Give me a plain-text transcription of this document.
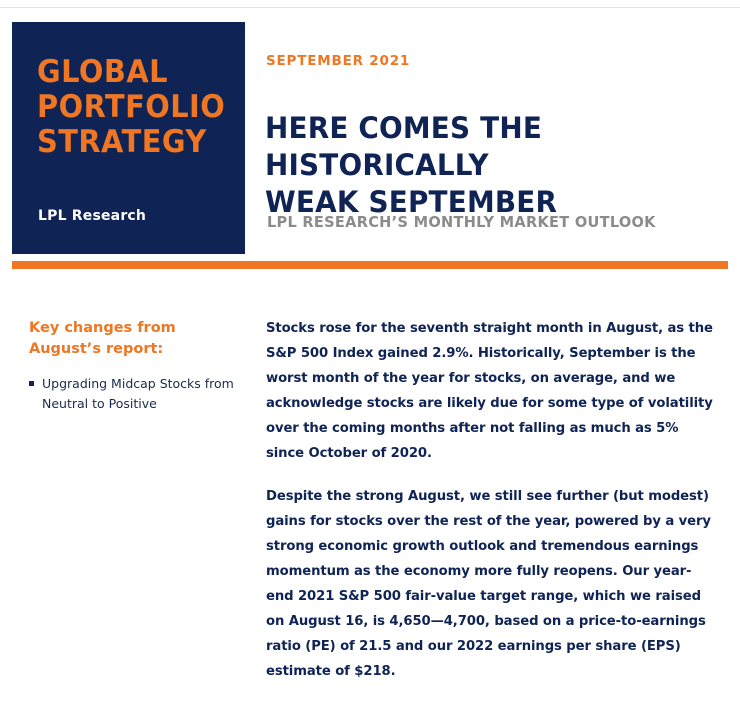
GLOBAL
PORTFOLIO
STRATEGY
LPL Research
SEPTEMBER 2021
HERE COMES THE HISTORICALLY
WEAK SEPTEMBER
LPL RESEARCH’S MONTHLY MARKET OUTLOOK
Key changes from
August’s report:
Upgrading Midcap Stocks from Neutral to Positive

Stocks rose for the seventh straight month in August, as the S&P 500 Index gained 2.9%. Historically, September is the worst month of the year for stocks, on average, and we acknowledge stocks are likely due for some type of volatility over the coming months after not falling as much as 5% since October of 2020.

Despite the strong August, we still see further (but modest) gains for stocks over the rest of the year, powered by a very strong economic growth outlook and tremendous earnings momentum as the economy more fully reopens. Our year-end 2021 S&P 500 fair-value target range, which we raised on August 16, is 4,650—4,700, based on a price-to-earnings ratio (PE) of 21.5 and our 2022 earnings per share (EPS) estimate of $218.
